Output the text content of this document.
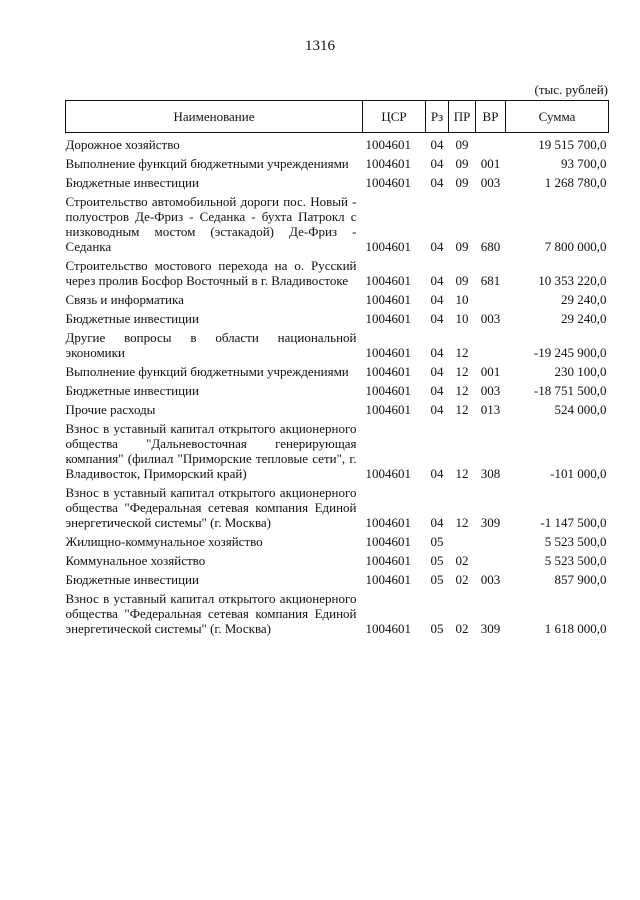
1316
(тыс. рублей)
Наименование	ЦСР	Рз	ПР	ВР	Сумма
Дорожное хозяйство	1004601	04	09		19 515 700,0
Выполнение функций бюджетными учреждениями	1004601	04	09	001	93 700,0
Бюджетные инвестиции	1004601	04	09	003	1 268 780,0
Строительство автомобильной дороги пос. Новый - полуостров Де-Фриз - Седанка - бухта Патрокл с низководным мостом (эстакадой) Де-Фриз - Седанка	1004601	04	09	680	7 800 000,0
Строительство мостового перехода на о. Русский через пролив Босфор Восточный в г. Владивостоке	1004601	04	09	681	10 353 220,0
Связь и информатика	1004601	04	10		29 240,0
Бюджетные инвестиции	1004601	04	10	003	29 240,0
Другие вопросы в области национальной экономики	1004601	04	12		-19 245 900,0
Выполнение функций бюджетными учреждениями	1004601	04	12	001	230 100,0
Бюджетные инвестиции	1004601	04	12	003	-18 751 500,0
Прочие расходы	1004601	04	12	013	524 000,0
Взнос в уставный капитал открытого акционерного общества "Дальневосточная генерирующая компания" (филиал "Приморские тепловые сети", г. Владивосток, Приморский край)	1004601	04	12	308	-101 000,0
Взнос в уставный капитал открытого акционерного общества "Федеральная сетевая компания Единой энергетической системы" (г. Москва)	1004601	04	12	309	-1 147 500,0
Жилищно-коммунальное хозяйство	1004601	05			5 523 500,0
Коммунальное хозяйство	1004601	05	02		5 523 500,0
Бюджетные инвестиции	1004601	05	02	003	857 900,0
Взнос в уставный капитал открытого акционерного общества "Федеральная сетевая компания Единой энергетической системы" (г. Москва)	1004601	05	02	309	1 618 000,0
